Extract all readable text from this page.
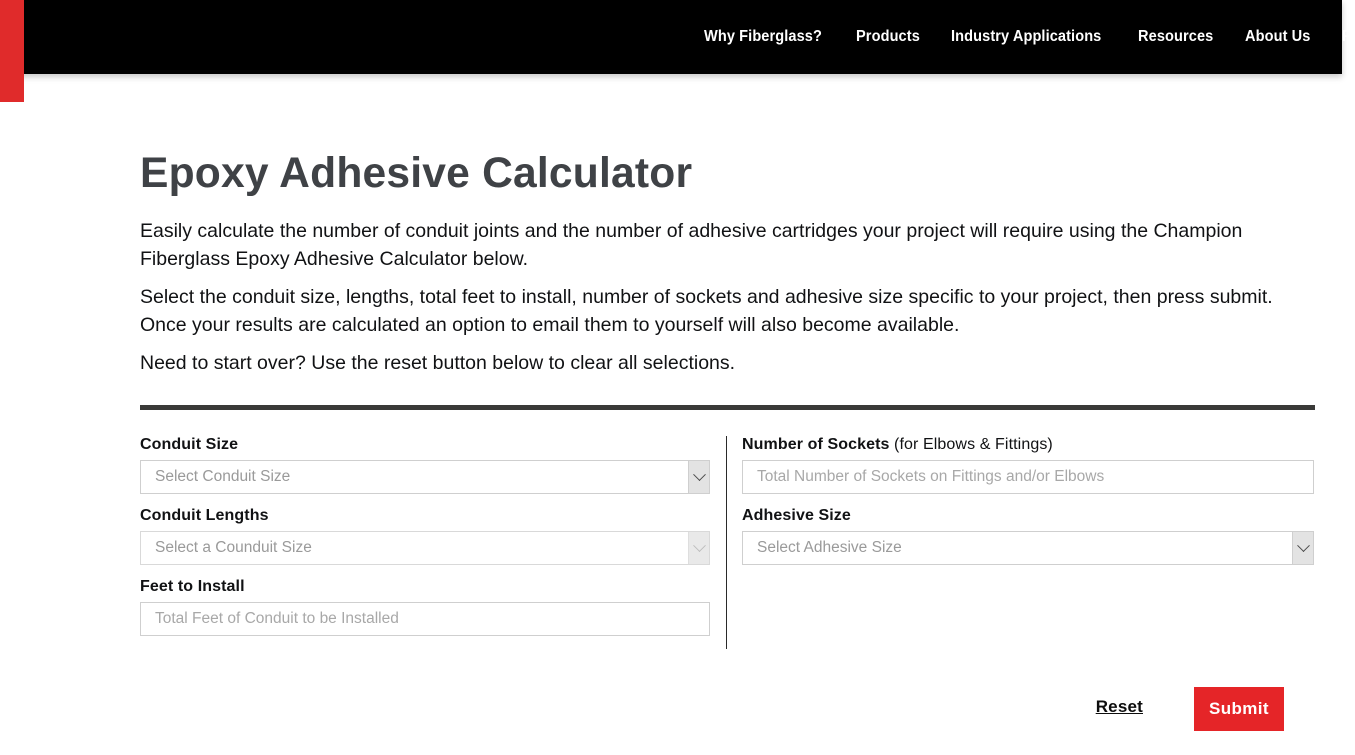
Why Fiberglass? Products Industry Applications Resources About Us Fi
Epoxy Adhesive Calculator

Easily calculate the number of conduit joints and the number of adhesive cartridges your project will require using the Champion Fiberglass Epoxy Adhesive Calculator below.

Select the conduit size, lengths, total feet to install, number of sockets and adhesive size specific to your project, then press submit. Once your results are calculated an option to email them to yourself will also become available.

Need to start over? Use the reset button below to clear all selections.

Conduit Size
Select Conduit Size
Conduit Lengths
Select a Counduit Size
Feet to Install
Total Feet of Conduit to be Installed
Number of Sockets (for Elbows & Fittings)
Total Number of Sockets on Fittings and/or Elbows
Adhesive Size
Select Adhesive Size
Reset	Submit
